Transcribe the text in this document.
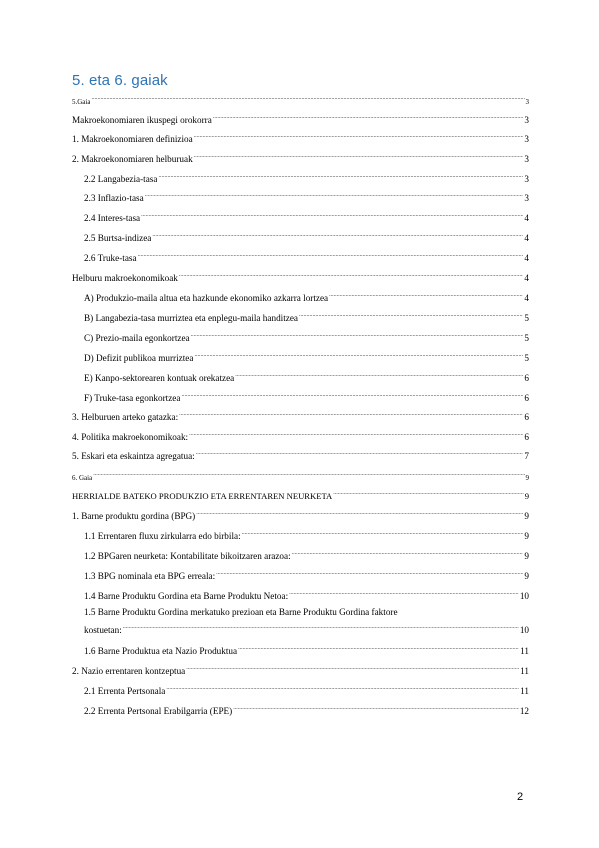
5. eta 6. gaiak
5.Gaia .....	3
Makroekonomiaren ikuspegi orokorra .....	3
1. Makroekonomiaren definizioa .....	3
2. Makroekonomiaren helburuak .....	3
2.2 Langabezia-tasa .....	3
2.3 Inflazio-tasa .....	3
2.4 Interes-tasa .....	4
2.5 Burtsa-indizea .....	4
2.6 Truke-tasa .....	4
Helburu makroekonomikoak .....	4
A) Produkzio-maila altua eta hazkunde ekonomiko azkarra lortzea .....	4
B) Langabezia-tasa murriztea eta enplegu-maila handitzea .....	5
C) Prezio-maila egonkortzea .....	5
D) Defizit publikoa murriztea .....	5
E) Kanpo-sektorearen kontuak orekatzea .....	6
F) Truke-tasa egonkortzea .....	6
3. Helburuen arteko gatazka: .....	6
4. Politika makroekonomikoak: .....	6
5. Eskari eta eskaintza agregatua: .....	7
6. Gaia .....	9
HERRIALDE BATEKO PRODUKZIO ETA ERRENTAREN NEURKETA .....	9
1. Barne produktu gordina (BPG) .....	9
1.1 Errentaren fluxu zirkularra edo birbila: .....	9
1.2 BPGaren neurketa: Kontabilitate bikoitzaren arazoa: .....	9
1.3 BPG nominala eta BPG erreala: .....	9
1.4 Barne Produktu Gordina eta Barne Produktu Netoa: .....	10
1.5 Barne Produktu Gordina merkatuko prezioan eta Barne Produktu Gordina faktore
kostuetan: .....	10
1.6 Barne Produktua eta Nazio Produktua .....	11
2. Nazio errentaren kontzeptua .....	11
2.1 Errenta Pertsonala .....	11
2.2 Errenta Pertsonal Erabilgarria (EPE) .....	12
2
